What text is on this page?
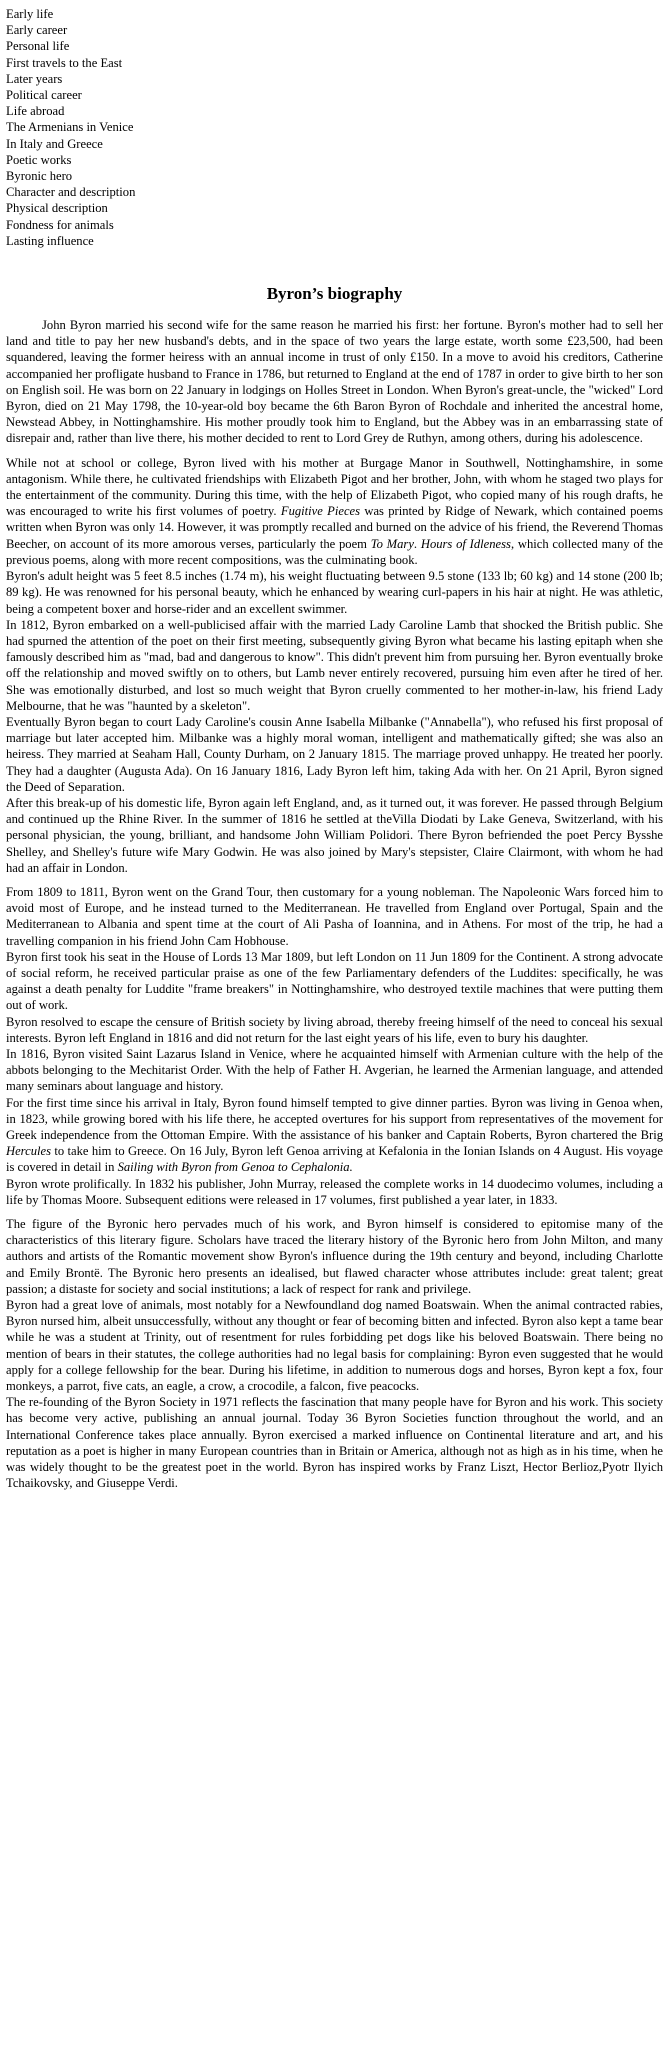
Early life
Early career
Personal life
First travels to the East
Later years
Political career
Life abroad
The Armenians in Venice
In Italy and Greece
Poetic works
Byronic hero
Character and description
Physical description
Fondness for animals
Lasting influence
Byron’s biography

John Byron married his second wife for the same reason he married his first: her fortune. Byron's mother had to sell her land and title to pay her new husband's debts, and in the space of two years the large estate, worth some £23,500, had been squandered, leaving the former heiress with an annual income in trust of only £150. In a move to avoid his creditors, Catherine accompanied her profligate husband to France in 1786, but returned to England at the end of 1787 in order to give birth to her son on English soil. He was born on 22 January in lodgings on Holles Street in London. When Byron's great-uncle, the "wicked" Lord Byron, died on 21 May 1798, the 10-year-old boy became the 6th Baron Byron of Rochdale and inherited the ancestral home, Newstead Abbey, in Nottinghamshire. His mother proudly took him to England, but the Abbey was in an embarrassing state of disrepair and, rather than live there, his mother decided to rent to Lord Grey de Ruthyn, among others, during his adolescence.

While not at school or college, Byron lived with his mother at Burgage Manor in Southwell, Nottinghamshire, in some antagonism. While there, he cultivated friendships with Elizabeth Pigot and her brother, John, with whom he staged two plays for the entertainment of the community. During this time, with the help of Elizabeth Pigot, who copied many of his rough drafts, he was encouraged to write his first volumes of poetry. Fugitive Pieces was printed by Ridge of Newark, which contained poems written when Byron was only 14. However, it was promptly recalled and burned on the advice of his friend, the Reverend Thomas Beecher, on account of its more amorous verses, particularly the poem To Mary. Hours of Idleness, which collected many of the previous poems, along with more recent compositions, was the culminating book.

Byron's adult height was 5 feet 8.5 inches (1.74 m), his weight fluctuating between 9.5 stone (133 lb; 60 kg) and 14 stone (200 lb; 89 kg). He was renowned for his personal beauty, which he enhanced by wearing curl-papers in his hair at night. He was athletic, being a competent boxer and horse-rider and an excellent swimmer.

In 1812, Byron embarked on a well-publicised affair with the married Lady Caroline Lamb that shocked the British public. She had spurned the attention of the poet on their first meeting, subsequently giving Byron what became his lasting epitaph when she famously described him as "mad, bad and dangerous to know". This didn't prevent him from pursuing her. Byron eventually broke off the relationship and moved swiftly on to others, but Lamb never entirely recovered, pursuing him even after he tired of her. She was emotionally disturbed, and lost so much weight that Byron cruelly commented to her mother-in-law, his friend Lady Melbourne, that he was "haunted by a skeleton".

Eventually Byron began to court Lady Caroline's cousin Anne Isabella Milbanke ("Annabella"), who refused his first proposal of marriage but later accepted him. Milbanke was a highly moral woman, intelligent and mathematically gifted; she was also an heiress. They married at Seaham Hall, County Durham, on 2 January 1815. The marriage proved unhappy. He treated her poorly. They had a daughter (Augusta Ada). On 16 January 1816, Lady Byron left him, taking Ada with her. On 21 April, Byron signed the Deed of Separation.

After this break-up of his domestic life, Byron again left England, and, as it turned out, it was forever. He passed through Belgium and continued up the Rhine River. In the summer of 1816 he settled at theVilla Diodati by Lake Geneva, Switzerland, with his personal physician, the young, brilliant, and handsome John William Polidori. There Byron befriended the poet Percy Bysshe Shelley, and Shelley's future wife Mary Godwin. He was also joined by Mary's stepsister, Claire Clairmont, with whom he had had an affair in London.

From 1809 to 1811, Byron went on the Grand Tour, then customary for a young nobleman. The Napoleonic Wars forced him to avoid most of Europe, and he instead turned to the Mediterranean. He travelled from England over Portugal, Spain and the Mediterranean to Albania and spent time at the court of Ali Pasha of Ioannina, and in Athens. For most of the trip, he had a travelling companion in his friend John Cam Hobhouse.

Byron first took his seat in the House of Lords 13 Mar 1809, but left London on 11 Jun 1809 for the Continent. A strong advocate of social reform, he received particular praise as one of the few Parliamentary defenders of the Luddites: specifically, he was against a death penalty for Luddite "frame breakers" in Nottinghamshire, who destroyed textile machines that were putting them out of work.

Byron resolved to escape the censure of British society by living abroad, thereby freeing himself of the need to conceal his sexual interests. Byron left England in 1816 and did not return for the last eight years of his life, even to bury his daughter.

In 1816, Byron visited Saint Lazarus Island in Venice, where he acquainted himself with Armenian culture with the help of the abbots belonging to the Mechitarist Order. With the help of Father H. Avgerian, he learned the Armenian language, and attended many seminars about language and history.

For the first time since his arrival in Italy, Byron found himself tempted to give dinner parties. Byron was living in Genoa when, in 1823, while growing bored with his life there, he accepted overtures for his support from representatives of the movement for Greek independence from the Ottoman Empire. With the assistance of his banker and Captain Roberts, Byron chartered the Brig Hercules to take him to Greece. On 16 July, Byron left Genoa arriving at Kefalonia in the Ionian Islands on 4 August. His voyage is covered in detail in Sailing with Byron from Genoa to Cephalonia.

Byron wrote prolifically. In 1832 his publisher, John Murray, released the complete works in 14 duodecimo volumes, including a life by Thomas Moore. Subsequent editions were released in 17 volumes, first published a year later, in 1833.

The figure of the Byronic hero pervades much of his work, and Byron himself is considered to epitomise many of the characteristics of this literary figure. Scholars have traced the literary history of the Byronic hero from John Milton, and many authors and artists of the Romantic movement show Byron's influence during the 19th century and beyond, including Charlotte and Emily Brontë. The Byronic hero presents an idealised, but flawed character whose attributes include: great talent; great passion; a distaste for society and social institutions; a lack of respect for rank and privilege.

Byron had a great love of animals, most notably for a Newfoundland dog named Boatswain. When the animal contracted rabies, Byron nursed him, albeit unsuccessfully, without any thought or fear of becoming bitten and infected. Byron also kept a tame bear while he was a student at Trinity, out of resentment for rules forbidding pet dogs like his beloved Boatswain. There being no mention of bears in their statutes, the college authorities had no legal basis for complaining: Byron even suggested that he would apply for a college fellowship for the bear. During his lifetime, in addition to numerous dogs and horses, Byron kept a fox, four monkeys, a parrot, five cats, an eagle, a crow, a crocodile, a falcon, five peacocks.

The re-founding of the Byron Society in 1971 reflects the fascination that many people have for Byron and his work. This society has become very active, publishing an annual journal. Today 36 Byron Societies function throughout the world, and an International Conference takes place annually. Byron exercised a marked influence on Continental literature and art, and his reputation as a poet is higher in many European countries than in Britain or America, although not as high as in his time, when he was widely thought to be the greatest poet in the world. Byron has inspired works by Franz Liszt, Hector Berlioz,Pyotr Ilyich Tchaikovsky, and Giuseppe Verdi.
